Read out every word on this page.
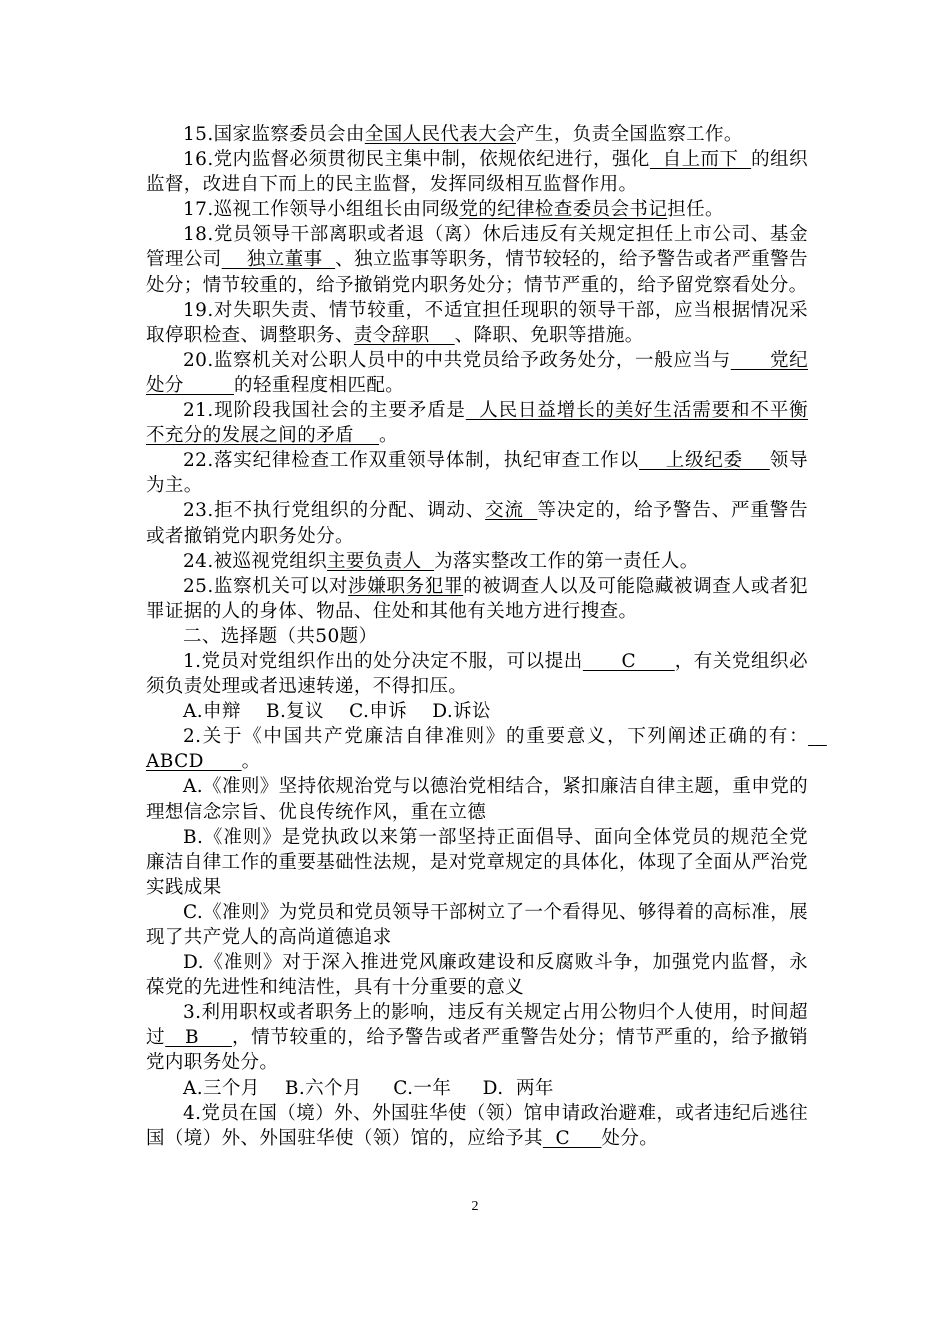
15.国家监察委员会由全国人民代表大会产生，负责全国监察工作。

16.党内监督必须贯彻民主集中制，依规依纪进行，强化  自上而下  的组织监督，改进自下而上的民主监督，发挥同级相互监督作用。

17.巡视工作领导小组组长由同级党的纪律检查委员会书记担任。

18.党员领导干部离职或者退（离）休后违反有关规定担任上市公司、基金管理公司    独立董事  、独立监事等职务，情节较轻的，给予警告或者严重警告处分；情节较重的，给予撤销党内职务处分；情节严重的，给予留党察看处分。

19.对失职失责、情节较重，不适宜担任现职的领导干部，应当根据情况采取停职检查、调整职务、责令辞职    、降职、免职等措施。

20.监察机关对公职人员中的中共党员给予政务处分，一般应当与      党纪处分        的轻重程度相匹配。

21.现阶段我国社会的主要矛盾是  人民日益增长的美好生活需要和不平衡不充分的发展之间的矛盾    。

22.落实纪律检查工作双重领导体制，执纪审查工作以    上级纪委    领导为主。

23.拒不执行党组织的分配、调动、交流  等决定的，给予警告、严重警告或者撤销党内职务处分。

24.被巡视党组织主要负责人  为落实整改工作的第一责任人。

25.监察机关可以对涉嫌职务犯罪的被调查人以及可能隐藏被调查人或者犯罪证据的人的身体、物品、住处和其他有关地方进行搜查。

二、选择题（共50题）

1.党员对党组织作出的处分决定不服，可以提出      C      ，有关党组织必须负责处理或者迅速转递，不得扣压。

A.申辩    B.复议    C.申诉    D.诉讼

2.关于《中国共产党廉洁自律准则》的重要意义，下列阐述正确的有：   ABCD      。

A.《准则》坚持依规治党与以德治党相结合，紧扣廉洁自律主题，重申党的理想信念宗旨、优良传统作风，重在立德

B.《准则》是党执政以来第一部坚持正面倡导、面向全体党员的规范全党廉洁自律工作的重要基础性法规，是对党章规定的具体化，体现了全面从严治党实践成果

C.《准则》为党员和党员领导干部树立了一个看得见、够得着的高标准，展现了共产党人的高尚道德追求

D.《准则》对于深入推进党风廉政建设和反腐败斗争，加强党内监督，永葆党的先进性和纯洁性，具有十分重要的意义

3.利用职权或者职务上的影响，违反有关规定占用公物归个人使用，时间超过   B     ，情节较重的，给予警告或者严重警告处分；情节严重的，给予撤销党内职务处分。

A.三个月    B.六个月     C.一年     D.  两年

4.党员在国（境）外、外国驻华使（领）馆申请政治避难，或者违纪后逃往国（境）外、外国驻华使（领）馆的，应给予其  C     处分。

2
